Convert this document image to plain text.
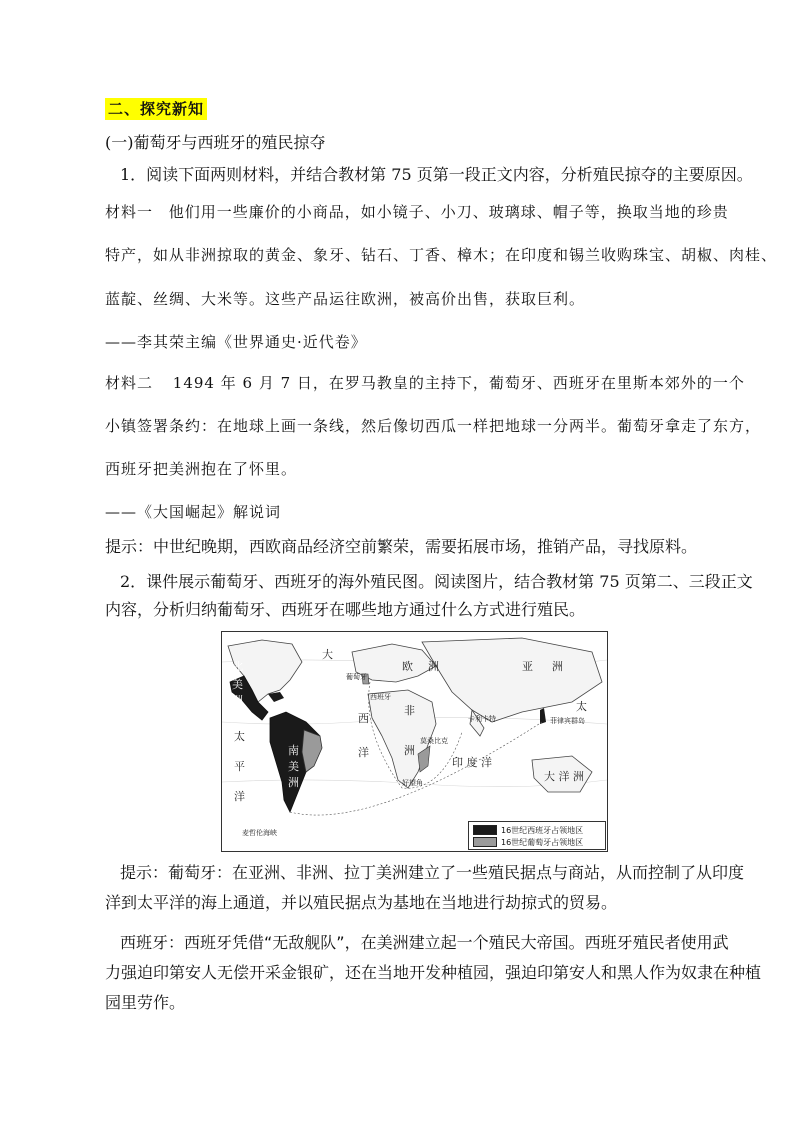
二、探究新知
(一)葡萄牙与西班牙的殖民掠夺
1．阅读下面两则材料，并结合教材第 75 页第一段正文内容，分析殖民掠夺的主要原因。
材料一 他们用一些廉价的小商品，如小镜子、小刀、玻璃球、帽子等，换取当地的珍贵
特产，如从非洲掠取的黄金、象牙、钻石、丁香、樟木；在印度和锡兰收购珠宝、胡椒、肉桂、
蓝靛、丝绸、大米等。这些产品运往欧洲，被高价出售，获取巨利。
——李其荣主编《世界通史·近代卷》
材料二 1494 年 6 月 7 日，在罗马教皇的主持下，葡萄牙、西班牙在里斯本郊外的一个
小镇签署条约：在地球上画一条线，然后像切西瓜一样把地球一分两半。葡萄牙拿走了东方，
西班牙把美洲抱在了怀里。
——《大国崛起》解说词
提示：中世纪晚期，西欧商品经济空前繁荣，需要拓展市场，推销产品，寻找原料。
2．课件展示葡萄牙、西班牙的海外殖民图。阅读图片，结合教材第 75 页第二、三段正文
内容，分析归纳葡萄牙、西班牙在哪些地方通过什么方式进行殖民。
北
美
洲
南
美
洲
大
西
洋
太
平
洋
欧 洲	亚 洲
非
洲
大 洋 洲
印 度 洋
太
葡萄牙
西班牙
菲律宾群岛
卡利卡特
莫桑比克
好望角
麦哲伦海峡	16世纪西班牙占领地区
16世纪葡萄牙占领地区
提示：葡萄牙：在亚洲、非洲、拉丁美洲建立了一些殖民据点与商站，从而控制了从印度
洋到太平洋的海上通道，并以殖民据点为基地在当地进行劫掠式的贸易。
西班牙：西班牙凭借“无敌舰队”，在美洲建立起一个殖民大帝国。西班牙殖民者使用武
力强迫印第安人无偿开采金银矿，还在当地开发种植园，强迫印第安人和黑人作为奴隶在种植
园里劳作。
